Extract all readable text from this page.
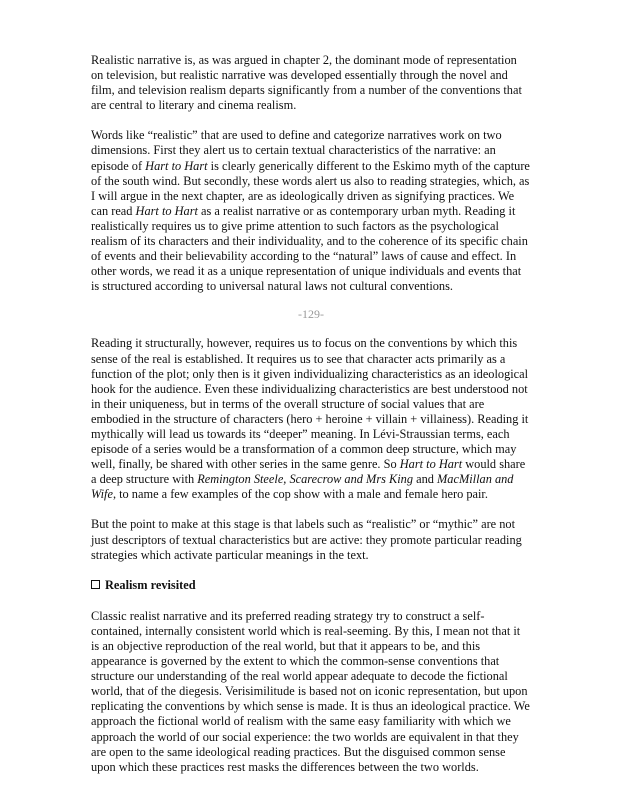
Realistic narrative is, as was argued in chapter 2, the dominant mode of representation on television, but realistic narrative was developed essentially through the novel and film, and television realism departs significantly from a number of the conventions that are central to literary and cinema realism.

Words like “realistic” that are used to define and categorize narratives work on two dimensions. First they alert us to certain textual characteristics of the narrative: an episode of Hart to Hart is clearly generically different to the Eskimo myth of the capture of the south wind. But secondly, these words alert us also to reading strategies, which, as I will argue in the next chapter, are as ideologically driven as signifying practices. We can read Hart to Hart as a realist narrative or as contemporary urban myth. Reading it realistically requires us to give prime attention to such factors as the psychological realism of its characters and their individuality, and to the coherence of its specific chain of events and their believability according to the “natural” laws of cause and effect. In other words, we read it as a unique representation of unique individuals and events that is structured according to universal natural laws not cultural conventions.

-129-

Reading it structurally, however, requires us to focus on the conventions by which this sense of the real is established. It requires us to see that character acts primarily as a function of the plot; only then is it given individualizing characteristics as an ideological hook for the audience. Even these individualizing characteristics are best understood not in their uniqueness, but in terms of the overall structure of social values that are embodied in the structure of characters (hero + heroine + villain + villainess). Reading it mythically will lead us towards its “deeper” meaning. In Lévi-Straussian terms, each episode of a series would be a transformation of a common deep structure, which may well, finally, be shared with other series in the same genre. So Hart to Hart would share a deep structure with Remington Steele, Scarecrow and Mrs King and MacMillan and Wife, to name a few examples of the cop show with a male and female hero pair.

But the point to make at this stage is that labels such as “realistic” or “mythic” are not just descriptors of textual characteristics but are active: they promote particular reading strategies which activate particular meanings in the text.

Realism revisited

Classic realist narrative and its preferred reading strategy try to construct a self-contained, internally consistent world which is real-seeming. By this, I mean not that it is an objective reproduction of the real world, but that it appears to be, and this appearance is governed by the extent to which the common-sense conventions that structure our understanding of the real world appear adequate to decode the fictional world, that of the diegesis. Verisimilitude is based not on iconic representation, but upon replicating the conventions by which sense is made. It is thus an ideological practice. We approach the fictional world of realism with the same easy familiarity with which we approach the world of our social experience: the two worlds are equivalent in that they are open to the same ideological reading practices. But the disguised common sense upon which these practices rest masks the differences between the two worlds.
